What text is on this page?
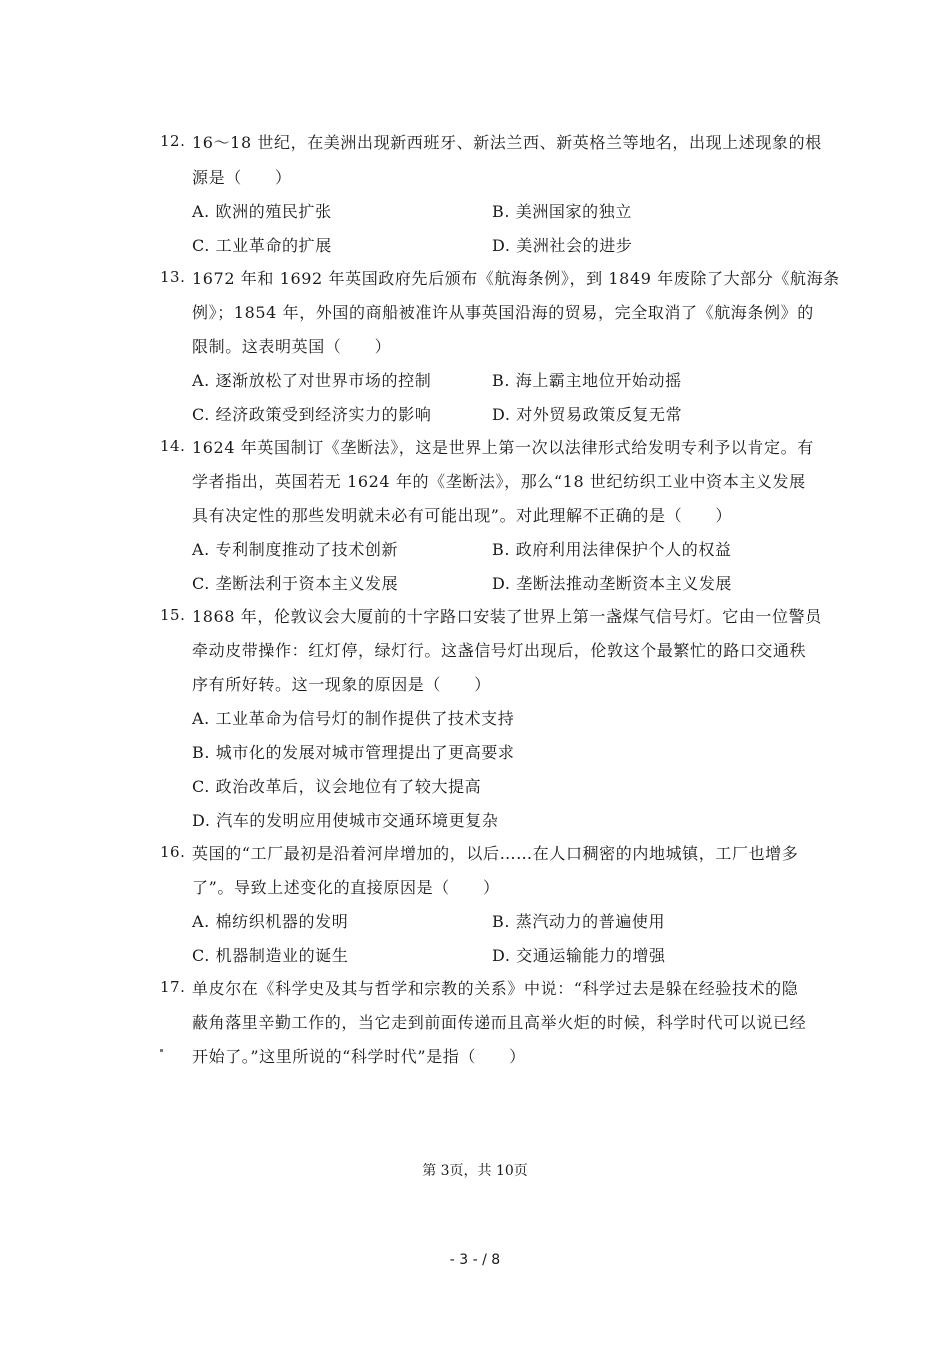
12. 16～18 世纪，在美洲出现新西班牙、新法兰西、新英格兰等地名，出现上述现象的根
源是（　　）
A. 欧洲的殖民扩张	B. 美洲国家的独立
C. 工业革命的扩展	D. 美洲社会的进步
13. 1672 年和 1692 年英国政府先后颁布《航海条例》，到 1849 年废除了大部分《航海条
例》；1854 年，外国的商船被准许从事英国沿海的贸易，完全取消了《航海条例》的
限制。这表明英国（　　）
A. 逐渐放松了对世界市场的控制	B. 海上霸主地位开始动摇
C. 经济政策受到经济实力的影响	D. 对外贸易政策反复无常
14. 1624 年英国制订《垄断法》，这是世界上第一次以法律形式给发明专利予以肯定。有
学者指出，英国若无 1624 年的《垄断法》，那么“18 世纪纺织工业中资本主义发展
具有决定性的那些发明就未必有可能出现”。对此理解不正确的是（　　）
A. 专利制度推动了技术创新	B. 政府利用法律保护个人的权益
C. 垄断法利于资本主义发展	D. 垄断法推动垄断资本主义发展
15. 1868 年，伦敦议会大厦前的十字路口安装了世界上第一盏煤气信号灯。它由一位警员
牵动皮带操作：红灯停，绿灯行。这盏信号灯出现后，伦敦这个最繁忙的路口交通秩
序有所好转。这一现象的原因是（　　）
A. 工业革命为信号灯的制作提供了技术支持
B. 城市化的发展对城市管理提出了更高要求
C. 政治改革后，议会地位有了较大提高
D. 汽车的发明应用使城市交通环境更复杂
16. 英国的“工厂最初是沿着河岸增加的，以后……在人口稠密的内地城镇，工厂也增多
了”。导致上述变化的直接原因是（　　）
A. 棉纺织机器的发明	B. 蒸汽动力的普遍使用
C. 机器制造业的诞生	D. 交通运输能力的增强
17. 单皮尔在《科学史及其与哲学和宗教的关系》中说：“科学过去是躲在经验技术的隐
蔽角落里辛勤工作的，当它走到前面传递而且高举火炬的时候，科学时代可以说已经
开始了。”这里所说的“科学时代”是指（　　）
第 3页，共 10页
- 3 - / 8
